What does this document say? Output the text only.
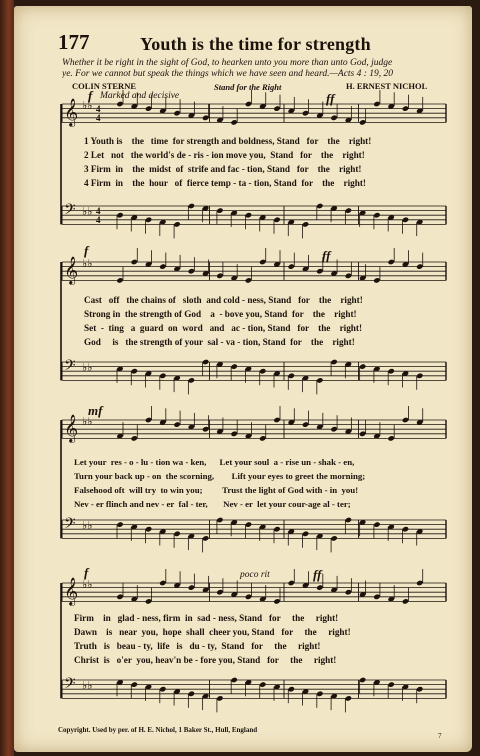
177	Youth is the time for strength
Whether it be right in the sight of God, to hearken unto you more than unto God, judge
ye. For we cannot but speak the things which we have seen and heard.—Acts 4 : 19, 20
COLIN STERNE	Stand for the Right	H. ERNEST NICHOL
f Marked and decisive	ff
f	ff
mf
f	poco rit	ff
1 Youth is    the   time  for strength and boldness, Stand   for    the    right!
2 Let   not   the world's de - ris - ion move you,  Stand   for    the    right!
3 Firm  in    the  midst  of  strife and fac - tion, Stand   for    the    right!
4 Firm  in    the  hour   of  fierce temp - ta - tion, Stand  for    the    right!
Cast   off   the chains of   sloth  and cold - ness, Stand   for    the    right!
Strong in  the strength of God    a  - bove you, Stand  for    the    right!
Set  -  ting   a  guard  on  word   and   ac - tion, Stand   for    the    right!
God     is   the strength of your  sal - va - tion, Stand  for    the    right!
Let your  res - o - lu - tion wa - ken,      Let your soul  a - rise un - shak - en,
Turn your back up - on  the scorning,        Lift your eyes to greet the morning;
Falsehood oft  will try  to win you;         Trust the light of God with - in  you!
Nev - er flinch and nev - er  fal - ter,       Nev - er  let your cour-age al - ter;
Firm    in   glad - ness, firm  in  sad - ness, Stand   for     the     right!
Dawn    is   near  you,  hope  shall  cheer you, Stand   for     the     right!
Truth   is   beau - ty,  life   is   du - ty,  Stand   for     the     right!
Christ  is   o'er  you, heav'n be - fore you, Stand   for     the     right!
𝄞 ♭♭ 4
4
𝄢 ♭♭ 4
4
𝄞 ♭♭
𝄢 ♭♭
𝄞 ♭♭
𝄢 ♭♭
𝄞 ♭♭
𝄢 ♭♭
Copyright. Used by per. of H. E. Nichol, 1 Baker St., Hull, England
7
